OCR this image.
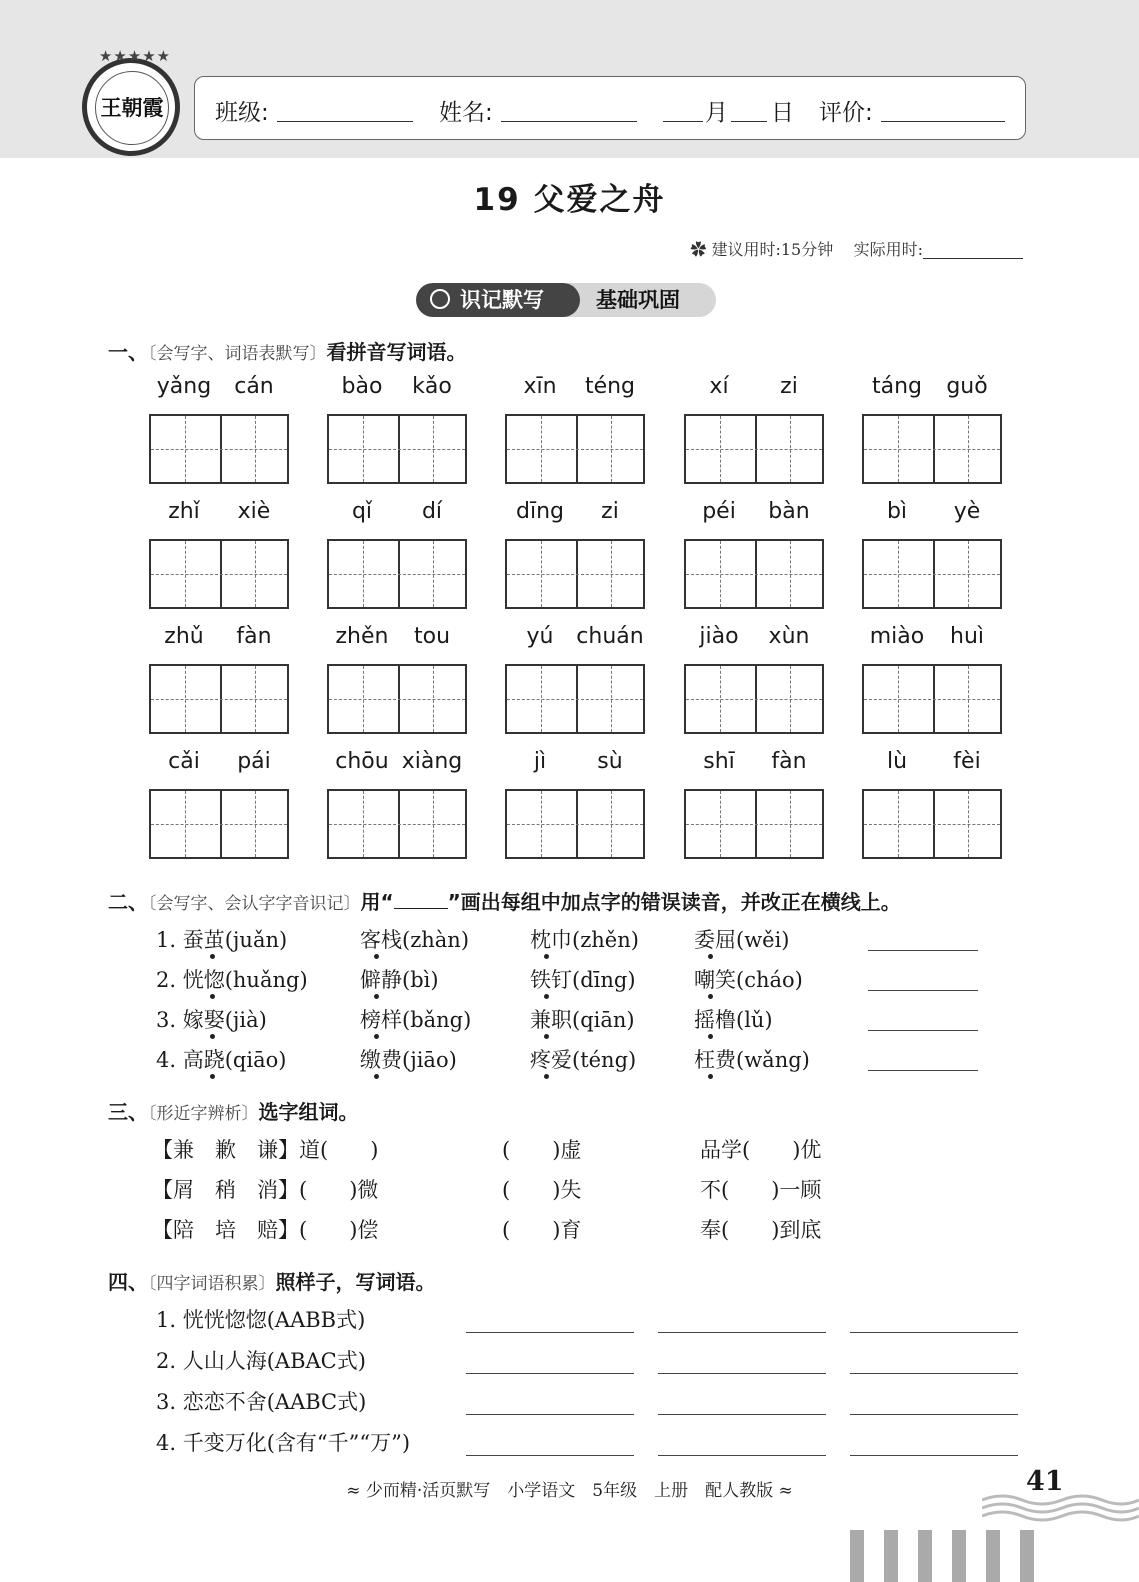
★★★★★
王朝霞 班级:	姓名:	月 日 评价:
19 父爱之舟
✿ 建议用时:15分钟 实际用时:
基础巩固
识记默写
一、〔会写字、词语表默写〕看拼音写词语。
yǎng	cán	bào	kǎo	xīn	téng	xí	zi	táng	guǒ
zhǐ	xiè	qǐ	dí	dīng	zi	péi	bàn	bì	yè
zhǔ	fàn	zhěn	tou	yú	chuán	jiào	xùn	miào	huì
cǎi	pái	chōu xiàng	jì	sù	shī	fàn	lù	fèi
二、〔会写字、会认字字音识记〕用“	”画出每组中加点字的错误读音，并改正在横线上。
1. 蚕茧(juǎn)	客栈(zhàn)	枕巾(zhěn)	委屈(wěi)
2. 恍惚(huǎng) 僻静(bì)	铁钉(dīng)	嘲笑(cháo)
3. 嫁娶(jià)	榜样(bǎng)	兼职(qiān)	摇橹(lǔ)
4. 高跷(qiāo)	缴费(jiāo)	疼爱(téng)	枉费(wǎng)
三、〔形近字辨析〕选字组词。
【兼　歉　谦】道(　　)	(　　)虚	品学(　　)优
【屑　稍　消】(　　)微	(　　)失	不(　　)一顾
【陪　培　赔】(　　)偿	(　　)育	奉(　　)到底
四、〔四字词语积累〕照样子，写词语。
1. 恍恍惚惚(AABB式)
2. 人山人海(ABAC式)
3. 恋恋不舍(AABC式)
4. 千变万化(含有“千”“万”)
≈ 少而精·活页默写　小学语文　5年级　上册　配人教版 ≈	41
